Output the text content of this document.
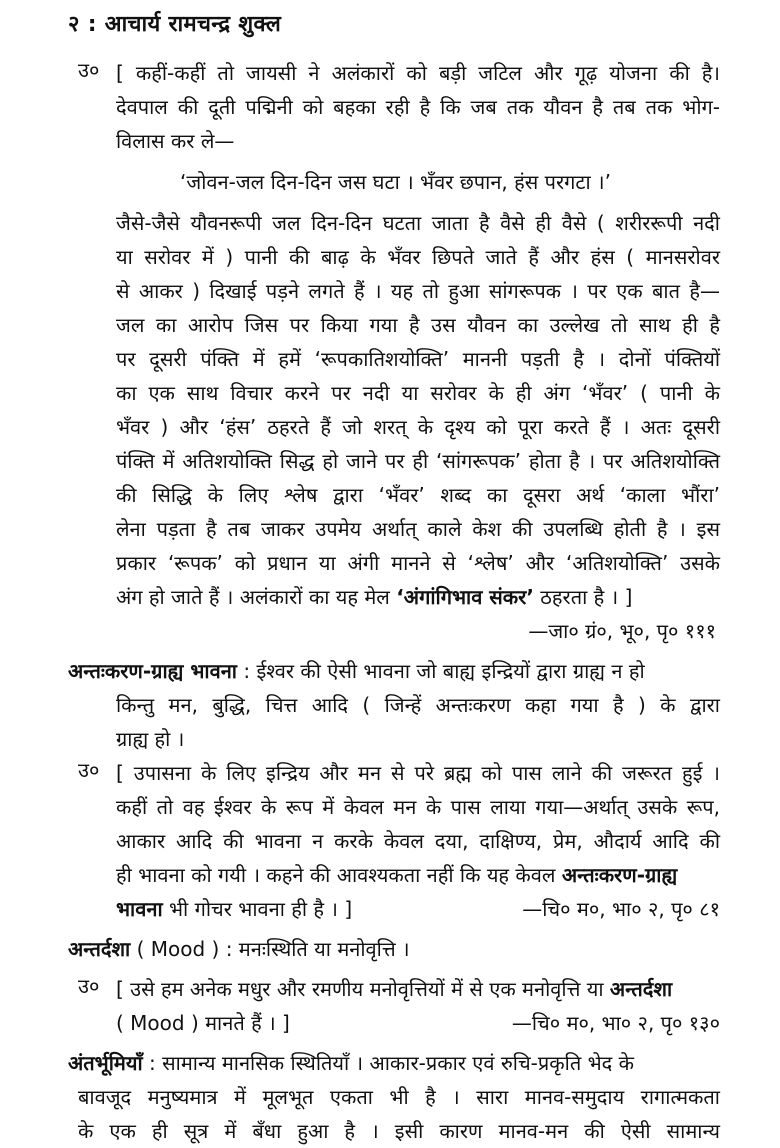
२ : आचार्य रामचन्द्र शुक्ल
उ० [ कहीं-कहीं तो जायसी ने अलंकारों को बड़ी जटिल और गूढ़ योजना की है।
देवपाल की दूती पद्मिनी को बहका रही है कि जब तक यौवन है तब तक भोग-
विलास कर ले—
‘जोवन-जल दिन-दिन जस घटा । भँवर छपान, हंस परगटा ।’
जैसे-जैसे यौवनरूपी जल दिन-दिन घटता जाता है वैसे ही वैसे ( शरीररूपी नदी
या सरोवर में ) पानी की बाढ़ के भँवर छिपते जाते हैं और हंस ( मानसरोवर
से आकर ) दिखाई पड़ने लगते हैं । यह तो हुआ सांगरूपक । पर एक बात है—
जल का आरोप जिस पर किया गया है उस यौवन का उल्लेख तो साथ ही है
पर दूसरी पंक्ति में हमें ‘रूपकातिशयोक्ति’ माननी पड़ती है । दोनों पंक्तियों
का एक साथ विचार करने पर नदी या सरोवर के ही अंग ‘भँवर’ ( पानी के
भँवर ) और ‘हंस’ ठहरते हैं जो शरत् के दृश्य को पूरा करते हैं । अतः दूसरी
पंक्ति में अतिशयोक्ति सिद्ध हो जाने पर ही ‘सांगरूपक’ होता है । पर अतिशयोक्ति
की सिद्धि के लिए श्लेष द्वारा ‘भँवर’ शब्द का दूसरा अर्थ ‘काला भौंरा’
लेना पड़ता है तब जाकर उपमेय अर्थात् काले केश की उपलब्धि होती है । इस
प्रकार ‘रूपक’ को प्रधान या अंगी मानने से ‘श्लेष’ और ‘अतिशयोक्ति’ उसके
अंग हो जाते हैं । अलंकारों का यह मेल ‘अंगांगिभाव संकर’ ठहरता है । ]
—जा० ग्रं०, भू०, पृ० १११
अन्तःकरण-ग्राह्य भावना : ईश्वर की ऐसी भावना जो बाह्य इन्द्रियों द्वारा ग्राह्य न हो
किन्तु मन, बुद्धि, चित्त आदि ( जिन्हें अन्तःकरण कहा गया है ) के द्वारा
ग्राह्य हो ।
उ० [ उपासना के लिए इन्द्रिय और मन से परे ब्रह्म को पास लाने की जरूरत हुई ।
कहीं तो वह ईश्वर के रूप में केवल मन के पास लाया गया—अर्थात् उसके रूप,
आकार आदि की भावना न करके केवल दया, दाक्षिण्य, प्रेम, औदार्य आदि की
ही भावना को गयी । कहने की आवश्यकता नहीं कि यह केवल अन्तःकरण-ग्राह्य
भावना भी गोचर भावना ही है । ]	—चि० म०, भा० २, पृ० ८१
अन्तर्दशा ( Mood ) : मनःस्थिति या मनोवृत्ति ।
उ० [ उसे हम अनेक मधुर और रमणीय मनोवृत्तियों में से एक मनोवृत्ति या अन्तर्दशा
( Mood ) मानते हैं । ]	—चि० म०, भा० २, पृ० १३०
अंतर्भूमियाँ : सामान्य मानसिक स्थितियाँ । आकार-प्रकार एवं रुचि-प्रकृति भेद के
बावजूद मनुष्यमात्र में मूलभूत एकता भी है । सारा मानव-समुदाय रागात्मकता
के एक ही सूत्र में बँधा हुआ है । इसी कारण मानव-मन की ऐसी सामान्य
